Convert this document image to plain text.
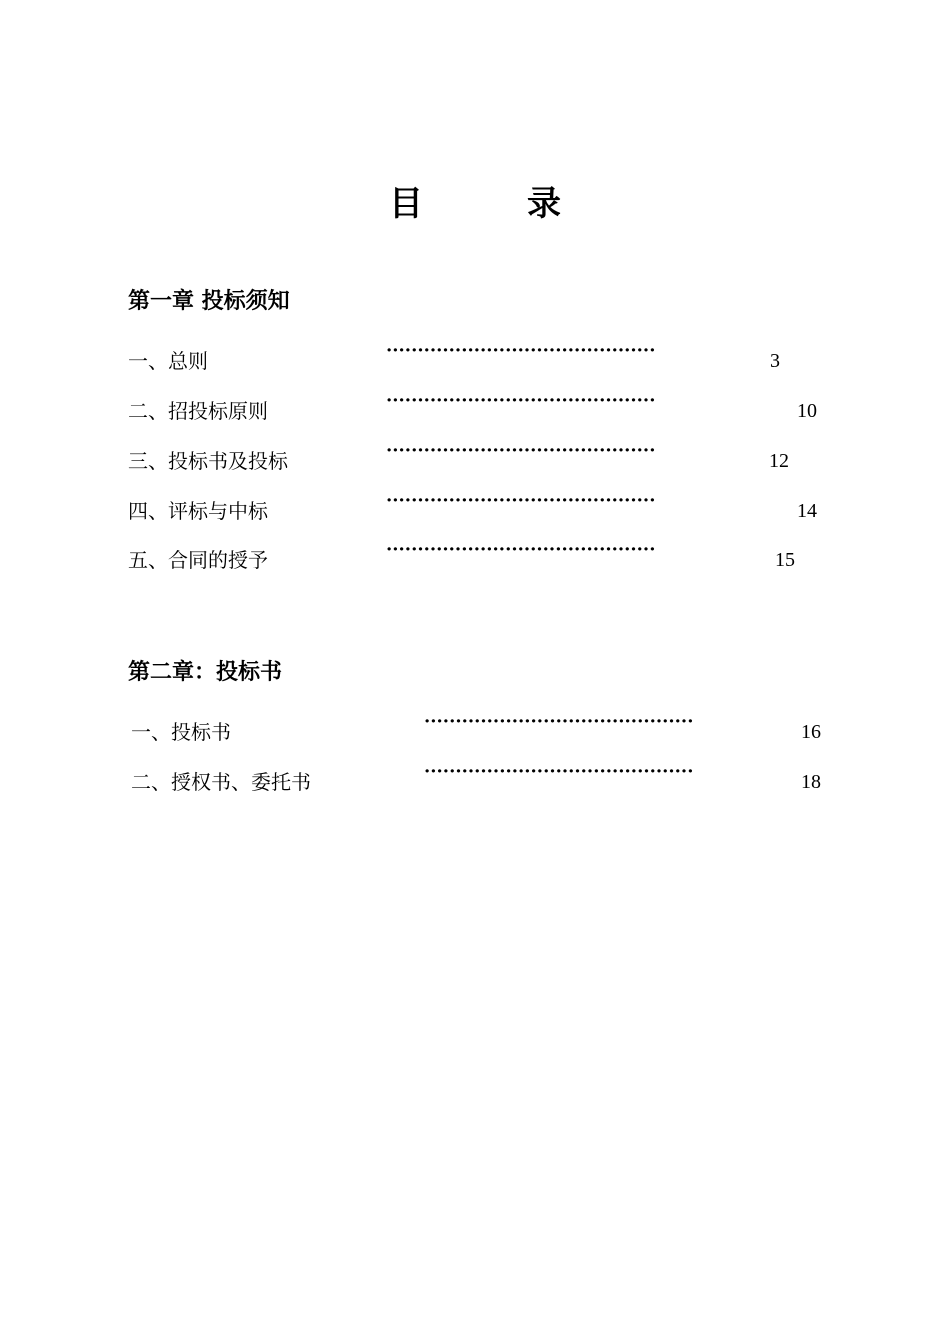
目	录
第一章 投标须知
一、总则	···········································	3
二、招投标原则	···········································	10
三、投标书及投标	···········································	12
四、评标与中标	···········································	14
五、合同的授予	···········································	15
第二章：投标书
一、投标书	···········································	16
二、授权书、委托书	···········································	18
